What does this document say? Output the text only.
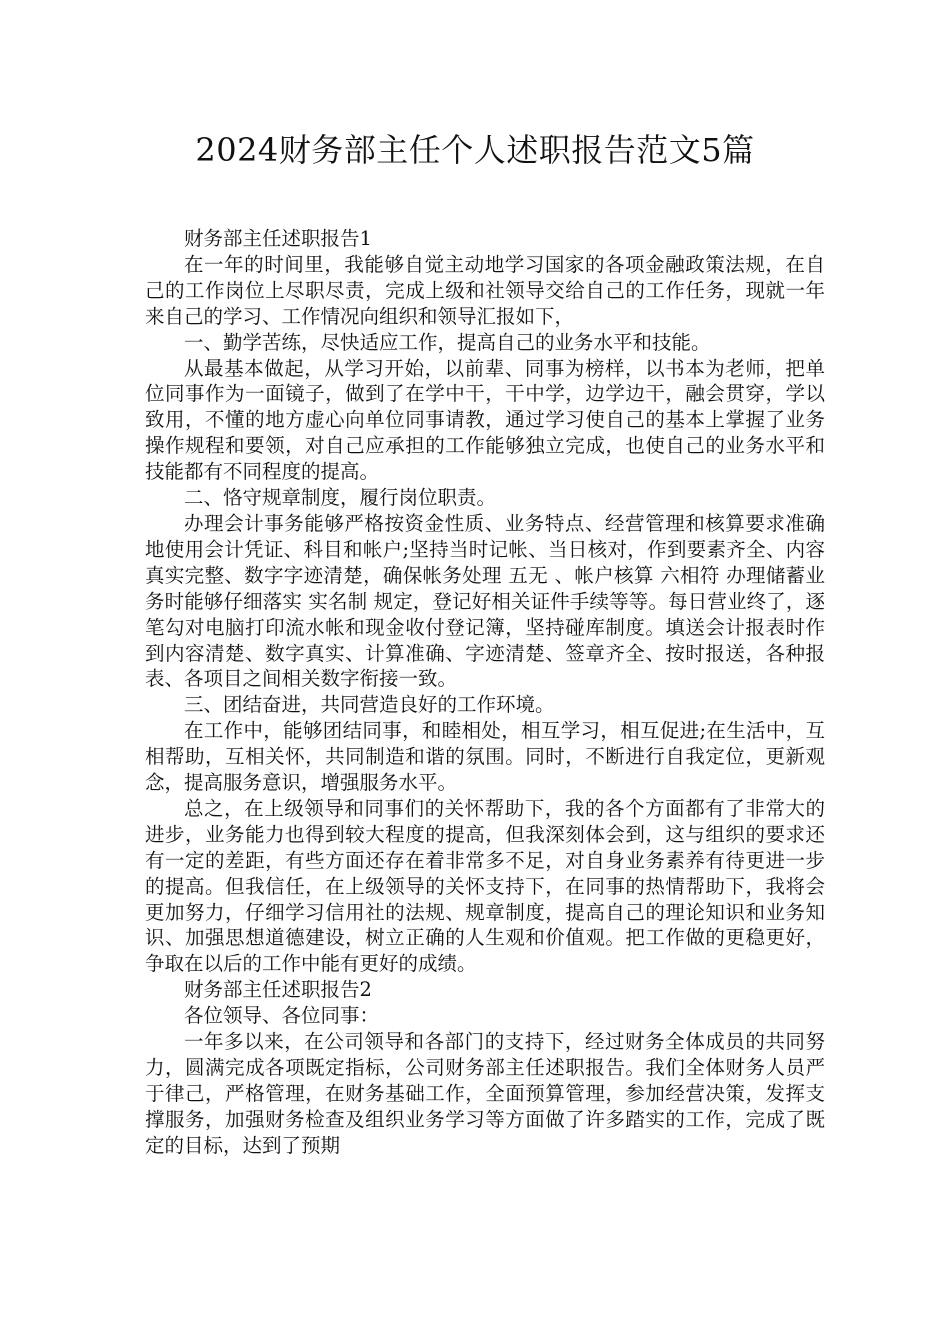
2024财务部主任个人述职报告范文5篇

财务部主任述职报告1

在一年的时间里，我能够自觉主动地学习国家的各项金融政策法规，在自己的工作岗位上尽职尽责，完成上级和社领导交给自己的工作任务，现就一年来自己的学习、工作情况向组织和领导汇报如下，

一、勤学苦练，尽快适应工作，提高自己的业务水平和技能。

从最基本做起，从学习开始，以前辈、同事为榜样，以书本为老师，把单位同事作为一面镜子，做到了在学中干，干中学，边学边干，融会贯穿，学以致用，不懂的地方虚心向单位同事请教，通过学习使自己的基本上掌握了业务操作规程和要领，对自己应承担的工作能够独立完成，也使自己的业务水平和技能都有不同程度的提高。

二、恪守规章制度，履行岗位职责。

办理会计事务能够严格按资金性质、业务特点、经营管理和核算要求准确地使用会计凭证、科目和帐户;坚持当时记帐、当日核对，作到要素齐全、内容真实完整、数字字迹清楚，确保帐务处理 五无 、帐户核算 六相符 办理储蓄业务时能够仔细落实 实名制 规定，登记好相关证件手续等等。每日营业终了，逐笔勾对电脑打印流水帐和现金收付登记簿，坚持碰库制度。填送会计报表时作到内容清楚、数字真实、计算准确、字迹清楚、签章齐全、按时报送，各种报表、各项目之间相关数字衔接一致。

三、团结奋进，共同营造良好的工作环境。

在工作中，能够团结同事，和睦相处，相互学习，相互促进;在生活中，互相帮助，互相关怀，共同制造和谐的氛围。同时，不断进行自我定位，更新观念，提高服务意识，增强服务水平。

总之，在上级领导和同事们的关怀帮助下，我的各个方面都有了非常大的进步，业务能力也得到较大程度的提高，但我深刻体会到，这与组织的要求还有一定的差距，有些方面还存在着非常多不足，对自身业务素养有待更进一步的提高。但我信任，在上级领导的关怀支持下，在同事的热情帮助下，我将会更加努力，仔细学习信用社的法规、规章制度，提高自己的理论知识和业务知识、加强思想道德建设，树立正确的人生观和价值观。把工作做的更稳更好，争取在以后的工作中能有更好的成绩。

财务部主任述职报告2

各位领导、各位同事：

一年多以来，在公司领导和各部门的支持下，经过财务全体成员的共同努力，圆满完成各项既定指标，公司财务部主任述职报告。我们全体财务人员严于律己，严格管理，在财务基础工作，全面预算管理，参加经营决策，发挥支撑服务，加强财务检查及组织业务学习等方面做了许多踏实的工作，完成了既定的目标，达到了预期
